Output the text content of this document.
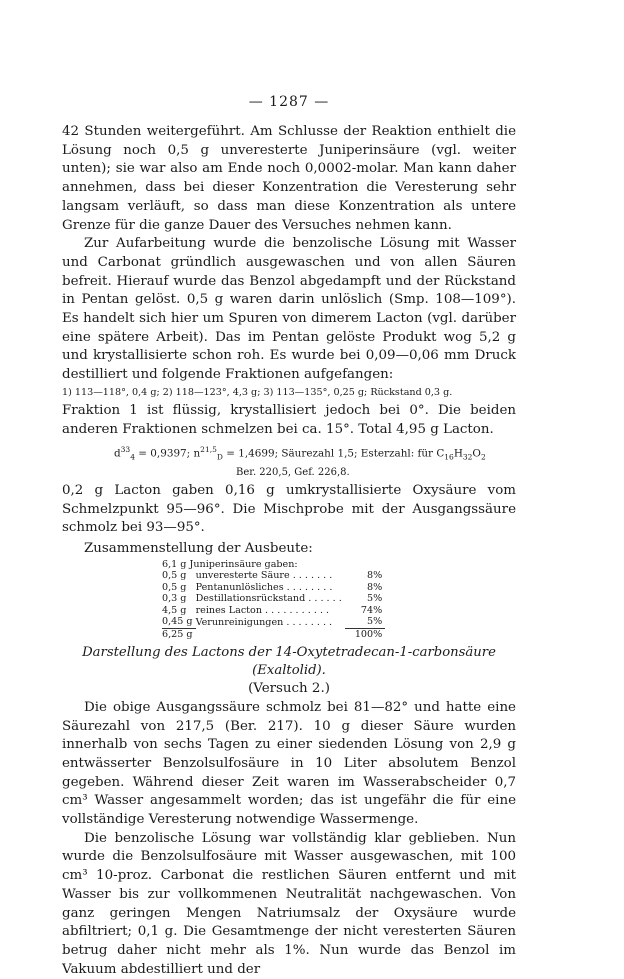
— 1287 —

42 Stunden weitergeführt. Am Schlusse der Reaktion enthielt die Lösung noch 0,5 g unveresterte Juniperinsäure (vgl. weiter unten); sie war also am Ende noch 0,0002-molar. Man kann daher annehmen, dass bei dieser Konzentration die Veresterung sehr langsam verläuft, so dass man diese Konzentration als untere Grenze für die ganze Dauer des Versuches nehmen kann.

Zur Aufarbeitung wurde die benzolische Lösung mit Wasser und Carbonat gründlich ausgewaschen und von allen Säuren befreit. Hierauf wurde das Benzol abgedampft und der Rückstand in Pentan gelöst. 0,5 g waren darin unlöslich (Smp. 108—109°). Es handelt sich hier um Spuren von dimerem Lacton (vgl. darüber eine spätere Arbeit). Das im Pentan gelöste Produkt wog 5,2 g und krystallisierte schon roh. Es wurde bei 0,09—0,06 mm Druck destilliert und folgende Fraktionen aufgefangen:

1) 113—118°, 0,4 g; 2) 118—123°, 4,3 g; 3) 113—135°, 0,25 g; Rückstand 0,3 g.

Fraktion 1 ist flüssig, krystallisiert jedoch bei 0°. Die beiden anderen Fraktionen schmelzen bei ca. 15°. Total 4,95 g Lacton.

$d^{33}_4 = 0,9397$; $n^{21,5}_D = 1,4699$; Säurezahl 1,5; Esterzahl: für $C_{16}H_{32}O_2$
Ber. 220,5, Gef. 226,8.

0,2 g Lacton gaben 0,16 g umkrystallisierte Oxysäure vom Schmelzpunkt 95—96°. Die Mischprobe mit der Ausgangssäure schmolz bei 93—95°.

Zusammenstellung der Ausbeute:

6,1 g Juniperinsäure gaben:		
0,5 g	unveresterte Säure . . . . . . .	8%
0,5 g	Pentanunlösliches . . . . . . . .	8%
0,3 g	Destillationsrückstand . . . . . .	5%
4,5 g	reines Lacton . . . . . . . . . . .	74%
0,45 g	Verunreinigungen . . . . . . . .	5%
6,25 g		100%
Darstellung des Lactons der 14-Oxytetradecan-1-carbonsäure (Exaltolid).

(Versuch 2.)

Die obige Ausgangssäure schmolz bei 81—82° und hatte eine Säurezahl von 217,5 (Ber. 217). 10 g dieser Säure wurden innerhalb von sechs Tagen zu einer siedenden Lösung von 2,9 g entwässerter Benzolsulfosäure in 10 Liter absolutem Benzol gegeben. Während dieser Zeit waren im Wasserabscheider 0,7 cm³ Wasser angesammelt worden; das ist ungefähr die für eine vollständige Veresterung notwendige Wassermenge.

Die benzolische Lösung war vollständig klar geblieben. Nun wurde die Benzolsulfosäure mit Wasser ausgewaschen, mit 100 cm³ 10-proz. Carbonat die restlichen Säuren entfernt und mit Wasser bis zur vollkommenen Neutralität nachgewaschen. Von ganz geringen Mengen Natriumsalz der Oxysäure wurde abfiltriert; 0,1 g. Die Gesamtmenge der nicht veresterten Säuren betrug daher nicht mehr als 1%. Nun wurde das Benzol im Vakuum abdestilliert und der
